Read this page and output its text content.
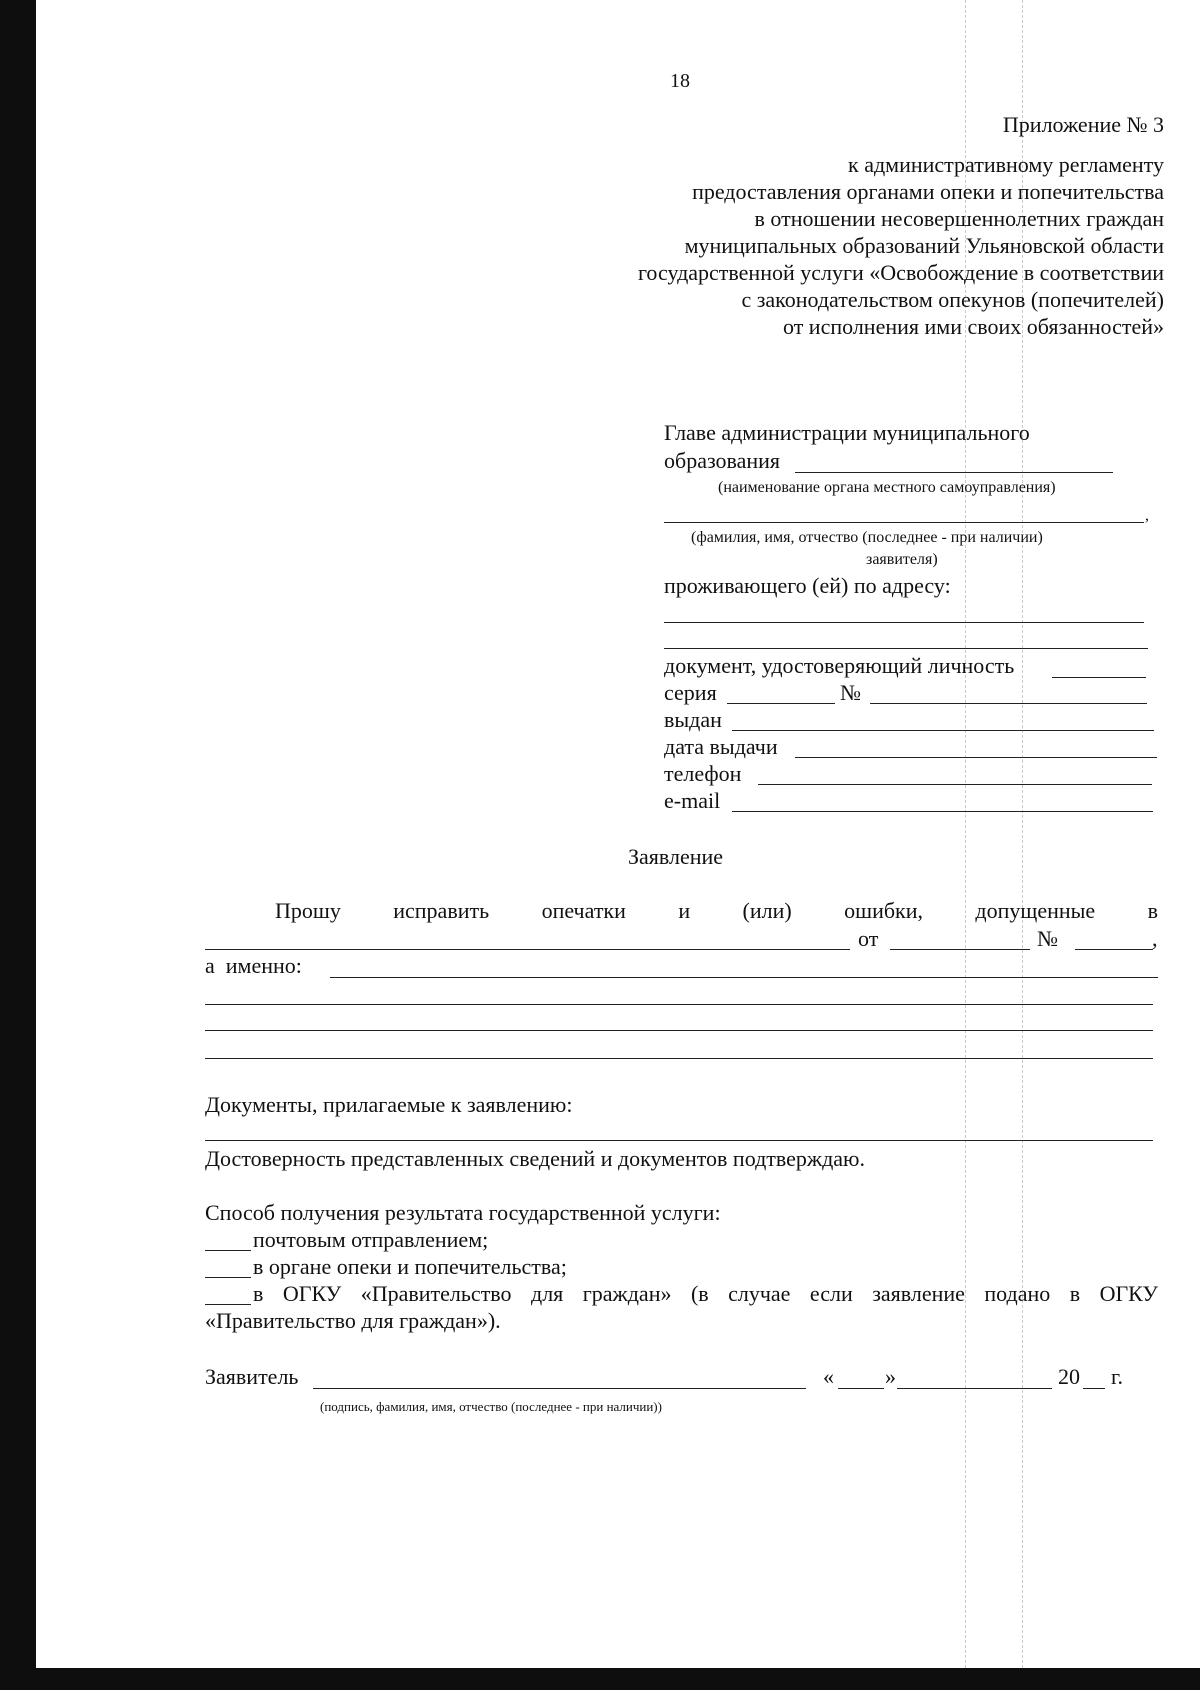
18
Приложение № 3
к административному регламенту
предоставления органами опеки и попечительства
в отношении несовершеннолетних граждан
муниципальных образований Ульяновской области
государственной услуги «Освобождение в соответствии
с законодательством опекунов (попечителей)
от исполнения ими своих обязанностей»
Главе администрации муниципального
образования
(наименование органа местного самоуправления)
,
(фамилия, имя, отчество (последнее - при наличии)
заявителя)
проживающего (ей) по адресу:
документ, удостоверяющий личность
серия	№
выдан
дата выдачи
телефон
e-mail
Заявление
Прошу исправить опечатки и (или) ошибки, допущенные в
от	№	,
а  именно:
Документы, прилагаемые к заявлению:
Достоверность представленных сведений и документов подтверждаю.
Способ получения результата государственной услуги:
почтовым отправлением;
в органе опеки и попечительства;
в ОГКУ «Правительство для граждан» (в случае если заявление подано в ОГКУ
«Правительство для граждан»).
Заявитель	« »	20 г.
(подпись, фамилия, имя, отчество (последнее - при наличии))
